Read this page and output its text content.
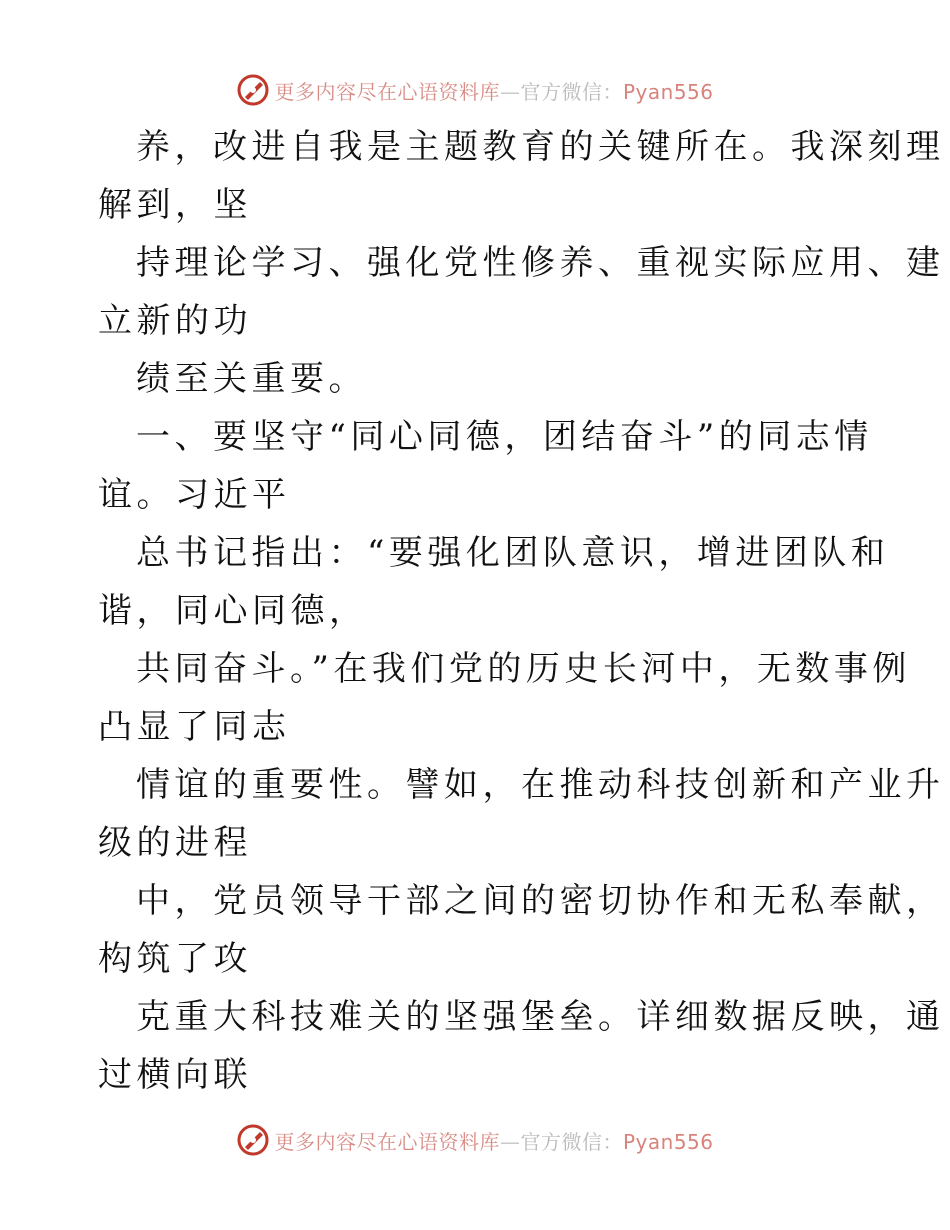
更多内容尽在心语资料库—官方微信：Pyan556
养，改进自我是主题教育的关键所在。我深刻理
解到，坚
持理论学习、强化党性修养、重视实际应用、建
立新的功
绩至关重要。
一、要坚守“同心同德，团结奋斗”的同志情
谊。习近平
总书记指出：“要强化团队意识，增进团队和
谐，同心同德，
共同奋斗。”在我们党的历史长河中，无数事例
凸显了同志
情谊的重要性。譬如，在推动科技创新和产业升
级的进程
中，党员领导干部之间的密切协作和无私奉献，
构筑了攻
克重大科技难关的坚强堡垒。详细数据反映，通
过横向联
更多内容尽在心语资料库—官方微信：Pyan556
